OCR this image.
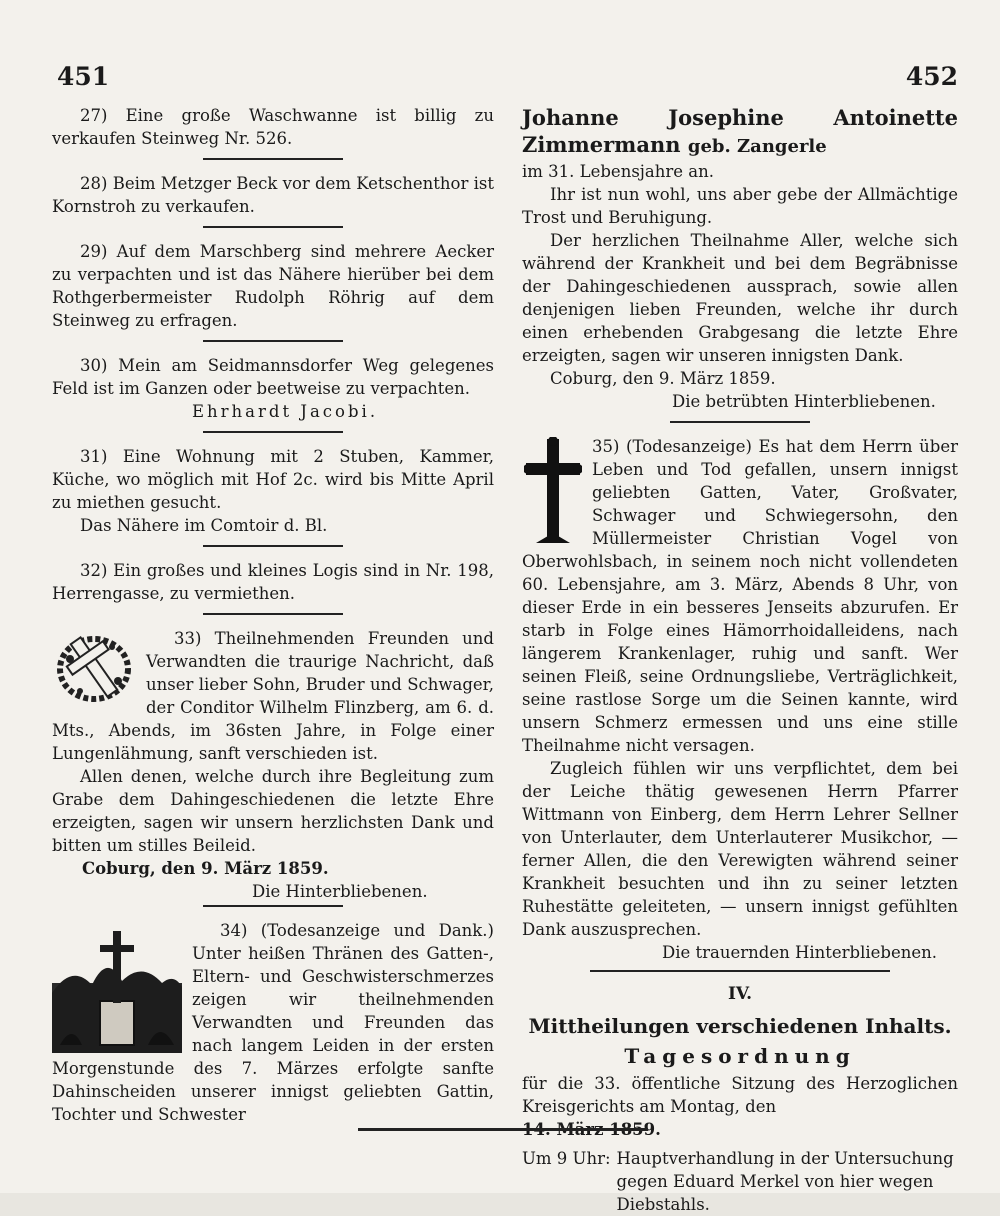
451	452

27) Eine große Waschwanne ist billig zu verkaufen Steinweg Nr. 526.

28) Beim Metzger Beck vor dem Ketschenthor ist Kornstroh zu verkaufen.

29) Auf dem Marschberg sind mehrere Aecker zu verpachten und ist das Nähere hierüber bei dem Rothgerbermeister Rudolph Röhrig auf dem Steinweg zu erfragen.

30) Mein am Seidmannsdorfer Weg gelegenes Feld ist im Ganzen oder beetweise zu verpachten.

Ehrhardt Jacobi.

31) Eine Wohnung mit 2 Stuben, Kammer, Küche, wo möglich mit Hof 2c. wird bis Mitte April zu miethen gesucht.

Das Nähere im Comtoir d. Bl.

32) Ein großes und kleines Logis sind in Nr. 198, Herrengasse, zu vermiethen.

33) Theilnehmenden Freunden und Verwandten die traurige Nachricht, daß unser lieber Sohn, Bruder und Schwager, der Conditor Wilhelm Flinzberg, am 6. d. Mts., Abends, im 36sten Jahre, in Folge einer Lungenlähmung, sanft verschieden ist.

Allen denen, welche durch ihre Begleitung zum Grabe dem Dahingeschiedenen die letzte Ehre erzeigten, sagen wir unsern herzlichsten Dank und bitten um stilles Beileid.

Coburg, den 9. März 1859.

Die Hinterbliebenen.

34) (Todesanzeige und Dank.) Unter heißen Thränen des Gatten-, Eltern- und Geschwisterschmerzes zeigen wir theilnehmenden Verwandten und Freunden das nach langem Leiden in der ersten Morgenstunde des 7. Märzes erfolgte sanfte Dahinscheiden unserer innigst geliebten Gattin, Tochter und Schwester

Johanne Josephine Antoinette Zimmermann geb. Zangerle

im 31. Lebensjahre an.

Ihr ist nun wohl, uns aber gebe der Allmächtige Trost und Beruhigung.

Der herzlichen Theilnahme Aller, welche sich während der Krankheit und bei dem Begräbnisse der Dahingeschiedenen aussprach, sowie allen denjenigen lieben Freunden, welche ihr durch einen erhebenden Grabgesang die letzte Ehre erzeigten, sagen wir unseren innigsten Dank.

Coburg, den 9. März 1859.

Die betrübten Hinterbliebenen.

35) (Todesanzeige) Es hat dem Herrn über Leben und Tod gefallen, unsern innigst geliebten Gatten, Vater, Großvater, Schwager und Schwiegersohn, den Müllermeister Christian Vogel von Oberwohlsbach, in seinem noch nicht vollendeten 60. Lebensjahre, am 3. März, Abends 8 Uhr, von dieser Erde in ein besseres Jenseits abzurufen. Er starb in Folge eines Hämorrhoidalleidens, nach längerem Krankenlager, ruhig und sanft. Wer seinen Fleiß, seine Ordnungsliebe, Verträglichkeit, seine rastlose Sorge um die Seinen kannte, wird unsern Schmerz ermessen und uns eine stille Theilnahme nicht versagen.

Zugleich fühlen wir uns verpflichtet, dem bei der Leiche thätig gewesenen Herrn Pfarrer Wittmann von Einberg, dem Herrn Lehrer Sellner von Unterlauter, dem Unterlauterer Musikchor, — ferner Allen, die den Verewigten während seiner Krankheit besuchten und ihn zu seiner letzten Ruhestätte geleiteten, — unsern innigst gefühlten Dank auszusprechen.

Die trauernden Hinterbliebenen.

IV.
Mittheilungen verschiedenen Inhalts.
Tagesordnung

für die 33. öffentliche Sitzung des Herzoglichen Kreisgerichts am Montag, den

14. März 1859.

Um 9 Uhr: Hauptverhandlung in der Untersuchung gegen Eduard Merkel von hier wegen Diebstahls.
